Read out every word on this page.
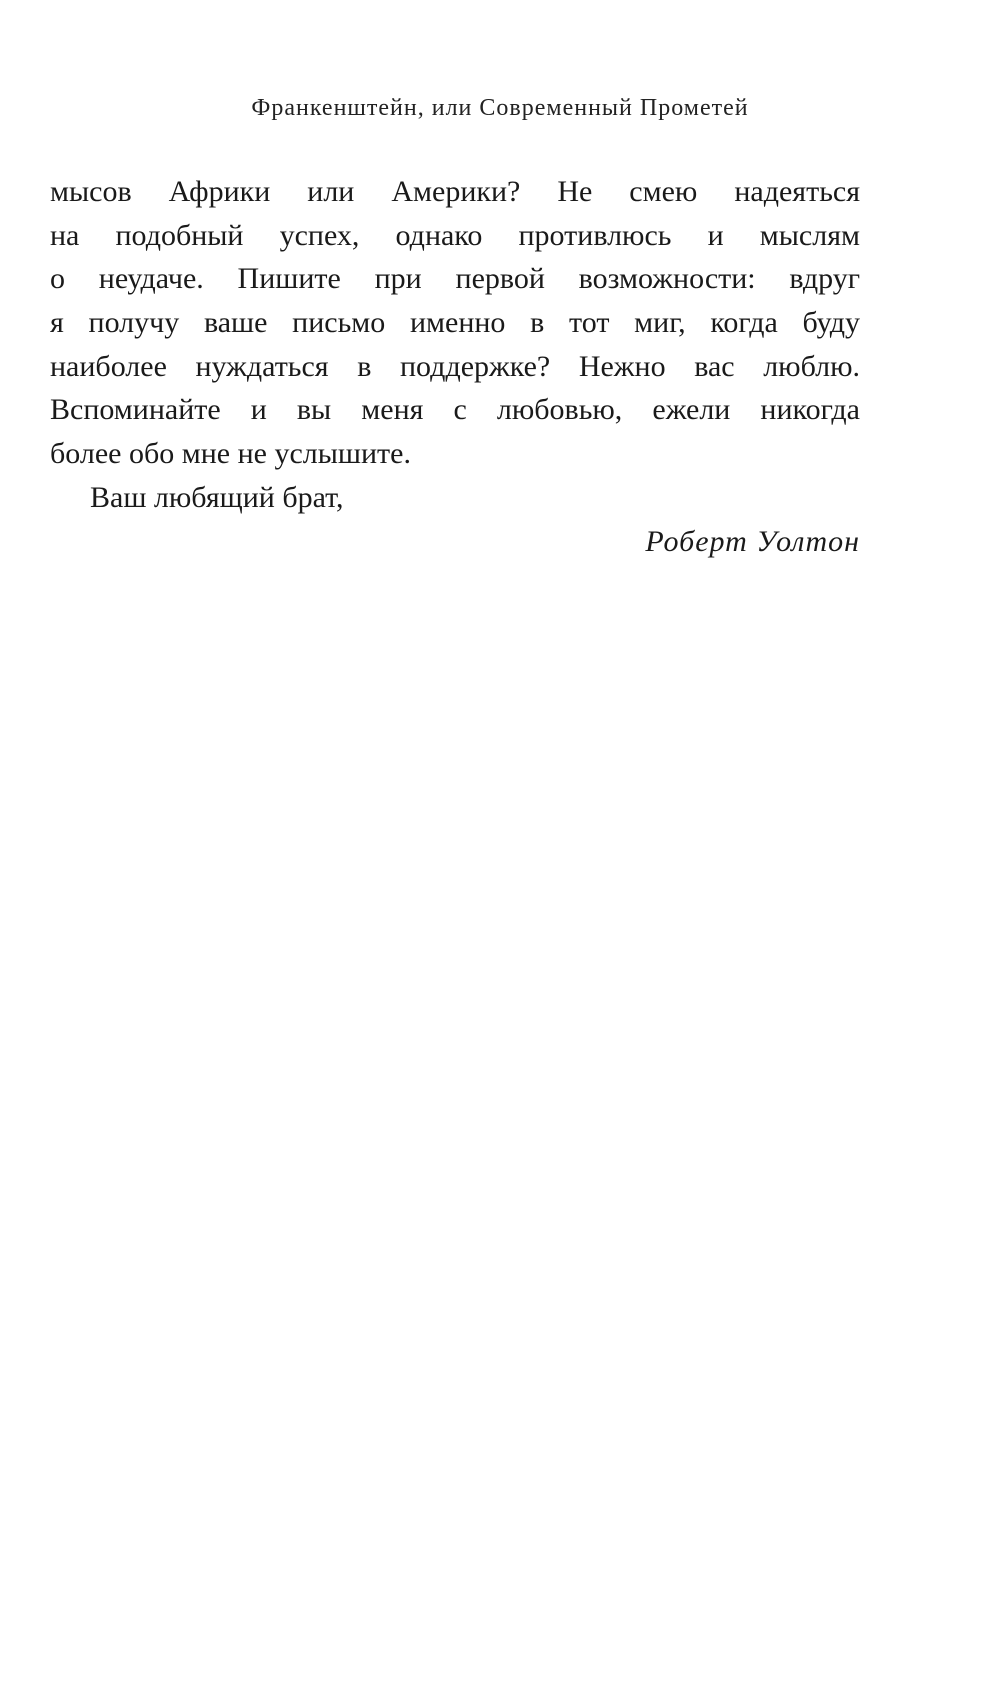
Франкенштейн, или Современный Прометей
мысов Африки или Америки? Не смею надеяться
на подобный успех, однако противлюсь и мыслям
о неудаче. Пишите при первой возможности: вдруг
я получу ваше письмо именно в тот миг, когда буду
наиболее нуждаться в поддержке? Нежно вас люблю.
Вспоминайте и вы меня с любовью, ежели никогда
более обо мне не услышите.
Ваш любящий брат,
Роберт Уолтон
